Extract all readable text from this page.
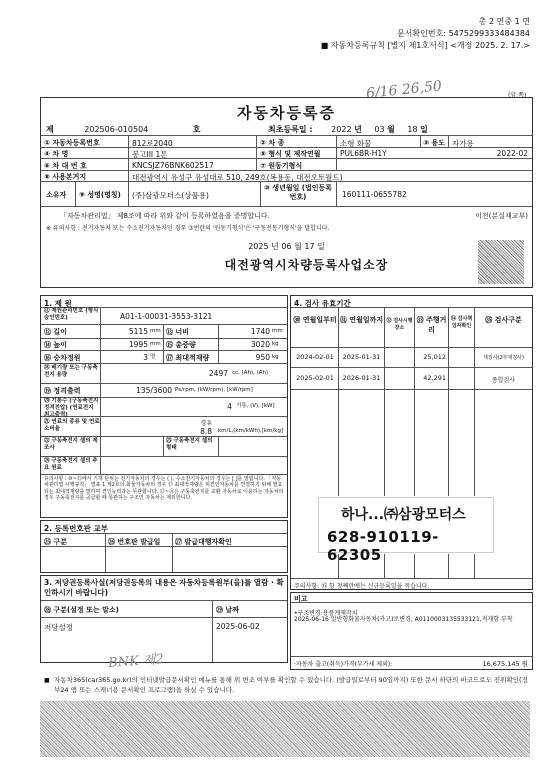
총 2 면중 1 면
문서확인번호: 5475299333484384
■ 자동차등록규칙 [별지 제1호서식] <개정 2025. 2. 17.>
6/16 26,50	(앞 쪽)
자동차등록증
제	202506-010504	호	최초등록일 : 2022 년 03 월 18 일
① 자동차등록번호	812로2040	② 차 종	소형 화물	③ 용도 자가용
④ 차 명	봉고III 1톤	⑤ 형식 및 제작연월	PUL6BR-H1Y	2022-02
⑥ 차 대 번 호	KNCSJZ76BNK602517	⑦ 원동기형식
⑧ 사용본거지	대전광역시 유성구 유성대로 510, 249호(복용동, 대전오토월드)
소유자 ⑨ 성명(명칭) (주)삼광모터스(상품용)
⑩ 생년월일 (법인등록번호)	160111-0655782
「자동차관리법」 제8조에 따라 위와 같이 등록하였음을 증명합니다.	이전(분실재교부)
※ 유의사항 : 전기자동차 또는 수소전기자동차인 경우 ⑦번란의 '원동기형식'은 '구동전동기형식'을 말합니다.
2025 년 06 월 17 일
대전광역시차량등록사업소장
1. 제 원
⑪ 제원관리번호 (형식승인번호)	A01-1-00031-3553-3121
⑫ 길이	5115 mm ⑬ 너비	1740 mm
⑭ 높이	1995 mm ⑮ 총중량	3020 kg
⑯ 승차정원	3 명 ⑰ 최대적재량	950 kg
⑱ 배기량 또는 구동축전지 용량	2497 cc, (Ah), (Ah)
⑲ 정격출력	135/3600 Ps/rpm, (kW/rpm), [kW/rpm]
⑳ 기통수 (구동축전지정격전압) (연료전지 최고출력)
4 기통, (V), [kW]
㉑ 연료의 종류 및 연료소비율
경유
8.8 km/L,(km/kWh),[km/kg]
㉒ 구동축전지 셀의 제조사
㉓ 구동축전지 셀의 형태
㉔ 구동축전지 셀의 주요 원료
유의사항 : ⑩~⑮에서 기재 단위는 전기자동차의 경우는 ( ), 수소전기자동차의 경우는 [ ]를 말합니다. 「자동차관리법 시행규칙」 별표 1 제2호의 화물자동차의 경우 ⑰ 최대적재량은 피견인자동차를 연결하기 위해 필요되는 최대적재량을 말하며 견인능력과는 무관합니다. ㉒~㉔은 구동축전지를 교환 자동차로 이용하는 자동차의 경우 구동축전지를 공급할 때 통관하는 구조인 자동차는 제외한니다.
2. 등록번호판 교부
㉕ 구분	㉖ 번호판 발급일 ㉗ 발급대행자확인
3. 저당권등록사실(저당권등록의 내용은 자동차등록원부(을)를 열람 · 확인하시기 바랍니다)
㉘ 구분(설정 또는 말소)	㉙ 날짜
저당설정	2025-06-02
BNK 제2
4. 검사 유효기간
㉚ 연월일부터 ㉛ 연월일까지 ㉜ 검사시행장소
㉝ 주행거리
㉞ 검사책임자확인
㉟ 검사구분
2024-02-01	2025-01-31	25,012	재검사(2부재검사)
2025-02-01	2026-01-31	42,291	종합검사
하나...㈜삼광모터스
628-910119-62305
주의사항: ㉟ 항 첫째란에는 신규등록일을 적습니다.
비고
•구조변경:용품계제작치
2025-06-16 일반형화물자동차(카고)로변경, A0110003135533121,적재함 부착
·자동차 출고(취득)가격(부가세 제외):	16,675,145 원
■ 자동차365(car365.go.kr)의 인터넷발급문서확인 메뉴를 통해 위 변조 여부를 확인할 수 있습니다. (발급일로부터 90일까지) 또한 문서 하단의 바코드로도 진위확인(정부24 앱 또는 스캐너용 문서확인 프로그램)을 하실 수 있습니다.
